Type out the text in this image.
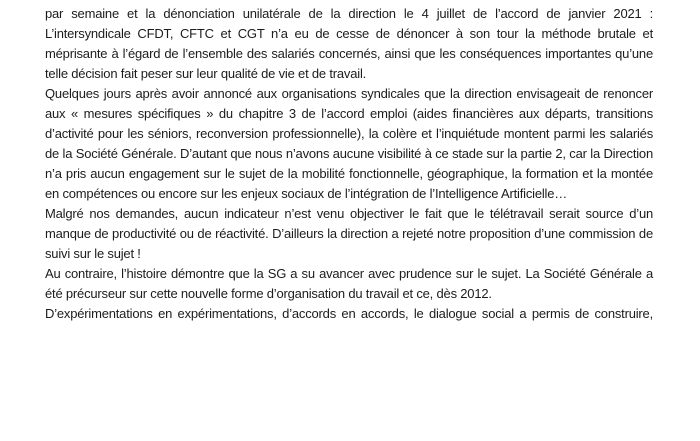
par semaine et la dénonciation unilatérale de la direction le 4 juillet de l’accord de janvier 2021 : L’intersyndicale CFDT, CFTC et CGT n’a eu de cesse de dénoncer à son tour la méthode brutale et méprisante à l’égard de l’ensemble des salariés concernés, ainsi que les conséquences importantes qu’une telle décision fait peser sur leur qualité de vie et de travail.

Quelques jours après avoir annoncé aux organisations syndicales que la direction envisageait de renoncer aux « mesures spécifiques » du chapitre 3 de l’accord emploi (aides financières aux départs, transitions d’activité pour les séniors, reconversion professionnelle), la colère et l’inquiétude montent parmi les salariés de la Société Générale. D’autant que nous n’avons aucune visibilité à ce stade sur la partie 2, car la Direction n’a pris aucun engagement sur le sujet de la mobilité fonctionnelle, géographique, la formation et la montée en compétences ou encore sur les enjeux sociaux de l’intégration de l’Intelligence Artificielle…

Malgré nos demandes, aucun indicateur n’est venu objectiver le fait que le télétravail serait source d’un manque de productivité ou de réactivité. D’ailleurs la direction a rejeté notre proposition d’une commission de suivi sur le sujet !

Au contraire, l’histoire démontre que la SG a su avancer avec prudence sur le sujet. La Société Générale a été précurseur sur cette nouvelle forme d’organisation du travail et ce, dès 2012.

D’expérimentations en expérimentations, d’accords en accords, le dialogue social a permis de construire,
